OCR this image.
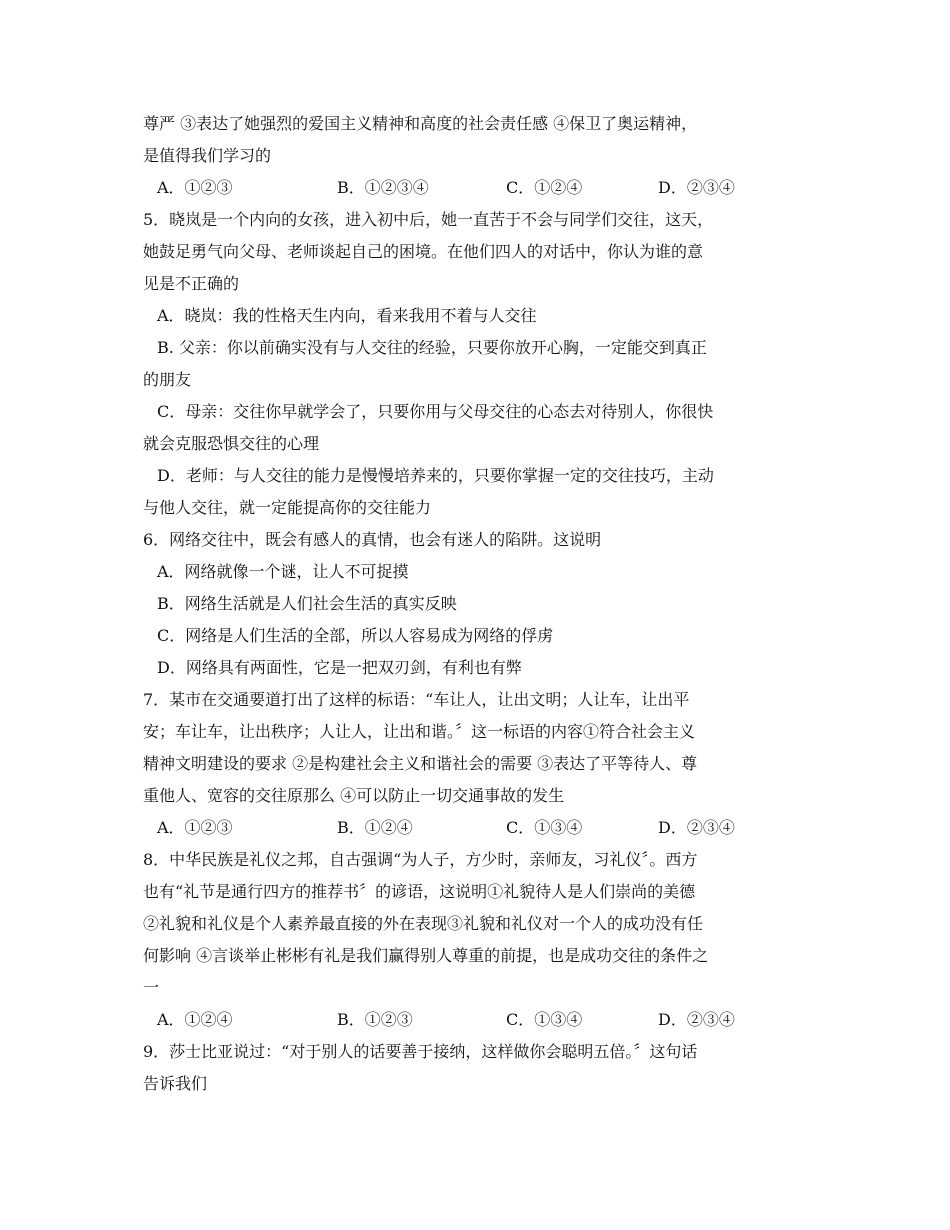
尊严 ③表达了她强烈的爱国主义精神和高度的社会责任感 ④保卫了奥运精神，
是值得我们学习的
A．①②③	B．①②③④	C．①②④	D．②③④
5．晓岚是一个内向的女孩，进入初中后，她一直苦于不会与同学们交往，这天，
她鼓足勇气向父母、老师谈起自己的困境。在他们四人的对话中，你认为谁的意
见是不正确的
A．晓岚：我的性格天生内向，看来我用不着与人交往
B. 父亲：你以前确实没有与人交往的经验，只要你放开心胸，一定能交到真正
的朋友
C．母亲：交往你早就学会了，只要你用与父母交往的心态去对待别人，你很快
就会克服恐惧交往的心理
D．老师：与人交往的能力是慢慢培养来的，只要你掌握一定的交往技巧，主动
与他人交往，就一定能提高你的交往能力
6．网络交往中，既会有感人的真情，也会有迷人的陷阱。这说明
A．网络就像一个谜，让人不可捉摸
B．网络生活就是人们社会生活的真实反映
C．网络是人们生活的全部，所以人容易成为网络的俘虏
D．网络具有两面性，它是一把双刃剑，有利也有弊
7．某市在交通要道打出了这样的标语：“车让人，让出文明；人让车，让出平
安；车让车，让出秩序；人让人，让出和谐。〞这一标语的内容①符合社会主义
精神文明建设的要求 ②是构建社会主义和谐社会的需要 ③表达了平等待人、尊
重他人、宽容的交往原那么 ④可以防止一切交通事故的发生
A．①②③	B．①②④	C．①③④	D．②③④
8．中华民族是礼仪之邦，自古强调“为人子，方少时，亲师友，习礼仪〞。西方
也有“礼节是通行四方的推荐书〞的谚语，这说明①礼貌待人是人们崇尚的美德
②礼貌和礼仪是个人素养最直接的外在表现③礼貌和礼仪对一个人的成功没有任
何影响 ④言谈举止彬彬有礼是我们赢得别人尊重的前提，也是成功交往的条件之
一
A．①②④	B．①②③	C．①③④	D．②③④
9．莎士比亚说过：“对于别人的话要善于接纳，这样做你会聪明五倍。〞这句话
告诉我们
